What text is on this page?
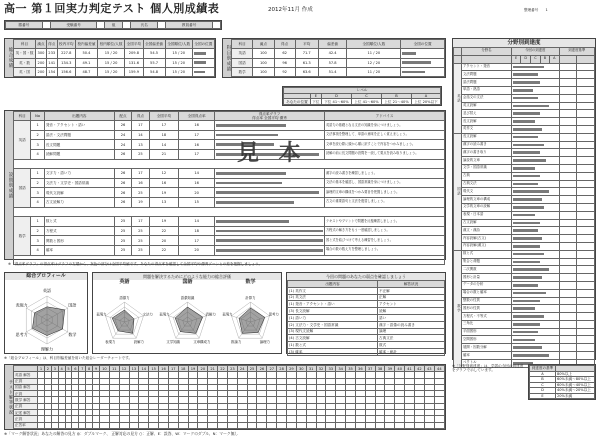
高一 第１回実力判定テスト 個人別成績表	2012年11月 作成	整理番号 1
勝番号		受験番号		組		氏名		教員番号	
総合成績
科目	満点	得点	校内平均	校内偏差値	校内順位/人数	全国平均	全国偏差値	全国順位/人数	全国の位置
英・国・数	300	233	227.8	50.4	15 / 20	209.8	54.5	15 / 20	

英・数	200	141	134.3	49.1	15 / 20	131.6	55.7	15 / 20	

英・国	200	154	156.6	48.7	15 / 20	159.9	54.8	15 / 20	
科目別成績
科目	満点	得点	平均	偏差値	全国順位/人数	全国の位置
英語	100	62	71.7	42.4	11 / 20	

国語	100	96	61.3	57.8	12 / 20	

数学	100	92	63.6	51.4	11 / 20	
レベル					
	E	D	C	B	A
あなたの位置	下位	下位 41〜60%	上位 41〜60%	上位 21〜40%	上位 20%以下
設問別成績
科目	No	出題内容	配点	得点	全国平均	全国得点率	得点率グラフ
得点率 全国平均 優秀	アドバイス
英語	1	発音・アクセント・語い	26	17	17	16		英語力の基礎となる文法の知識を身につけましょう。
	2	語法・文法問題	24	14	18	17		文法事項を整理して、単語の意味を正しく覚えましょう。
	3	長文問題	24	13	14	16		文章を読む際に頭から順に訳すことで内容をつかみましょう。
	4	読解問題	26	25	21	17		読解の前に長文問題の設問を一読して要点を読み取りましょう。

国語	1	文字力・語い力	26	17	12	14		漢字の読み書きを練習しましょう。
	2	文法力・文学史・国語常識	26	16	16	16		文法の基本を確認し、国語常識を身につけましょう。
	3	現代文読解	26	25	19	20		論理的文章の構成をつかみ要旨を把握しましょう。
	4	古文読解力	26	19	13	15		古文の重要語句と文法を復習しましょう。

数学	1	数と式	25	17	19	14		テキストやプリントで問題を反復練習しましょう。
	2	方程式	25	25	22	18		方程式の解き方をもう一度確認しましょう。
	3	関数と図形	25	25	20	17		図と式を結びつけて考える練習をしましょう。
	4	確率	25	25	22	20		場合の数の数え方を整理しましょう。

見 本
※「得点率グラフ」の得点率はグラフの左端から、灰色の部分は全国平均値です。あなたの得点率を確認して全国平均や優秀ゾーンとの差を把握しましょう。
総合プロフィール
英語
国語
数学
理解力
思考力
表現力
問題を解決するためにどのような能力の総合評価
英語
語彙力
文法力
読解力
表現力
表現力
国語
語彙知識
読解力
文章構成力
文学知識
表現力
数学
計算力
思考力
論理力
推論力
表現力
今回の問題のあなたの弱点を確認しましょう
出題内容	解答状況
(1) 英作文	不正解
(2) 英文法	正解
(1) 発音・アクセント・語い	アクセント
(3) 長文読解	読解
(1) 語い力	語い
(2) 文法力・文学史・国語常識	漢字・語彙の読み書き
(3) 現代文読解	論理
(4) 古文読解	古典文法
(1) 数と式	数式
(3) 確率	確率・統計
※「総合プロフィール」は、科目別偏差値を用いた総合レーダーチャートです。
テスト解答状況
	1	2	3	4	5	6	7	8	9	10	11	12	13	14	15	16	17	18	19	20	21	22	23	24	25	26	27	28	29	30	31	32	33	34	35	36	37	38	39	40	41	42	43	44
英語 解答																																												
正誤																																												
国語 解答																																												
正誤																																												
数学 解答																																												
正誤																																												
記述 解答																																												
正誤																																												
正答率																																												
※「マーク解答状況」あなたの解答の見方 ◎：ダブルマーク、 正解対応の見方 ○：正解、E：誤答、W：マークのダブル、N：マーク無し
分野別到達度
	分野名	今回の到達度					到達度基準	
		E	D	C	B	A		
英語	アクセント・発音					

	文法問題					

	語法問題					

	単語・熟語					

	会話文の文法					

	英文読解					

	並び替え					

	長文読解					

	英作文					

国語	長文読解					

	漢字の読み書き					

	漢字の書き取り					

	論説的文章					

	文学・国語常識					

	古典					

	古典文法					

	現代文					

	論理的文章の構成					

	文学的文章の読解					

	表現・日本語					

	古文読解					

	漢文・漢詩					

	内容読解(古文)					

	内容読解(漢文)					

数学	数と式					

	集合と命題					

	二次関数					

	図形と計量					

	データの分析					

	場合の数と確率					

	整数の性質					

	図形の性質					

	方程式・不等式					

	三角比					

	平面図形					

	空間図形					

	展開・因数分解					

	確率					

	ベクトル					

※「分野別到達度」は、学習の今回の到達度をグラフで示しています。	到達度の基準	
A	80%以上
B	60%未満〜80%以上
C	60%未満〜40%以上
D	40%未満〜20%以上
E	20%未満
